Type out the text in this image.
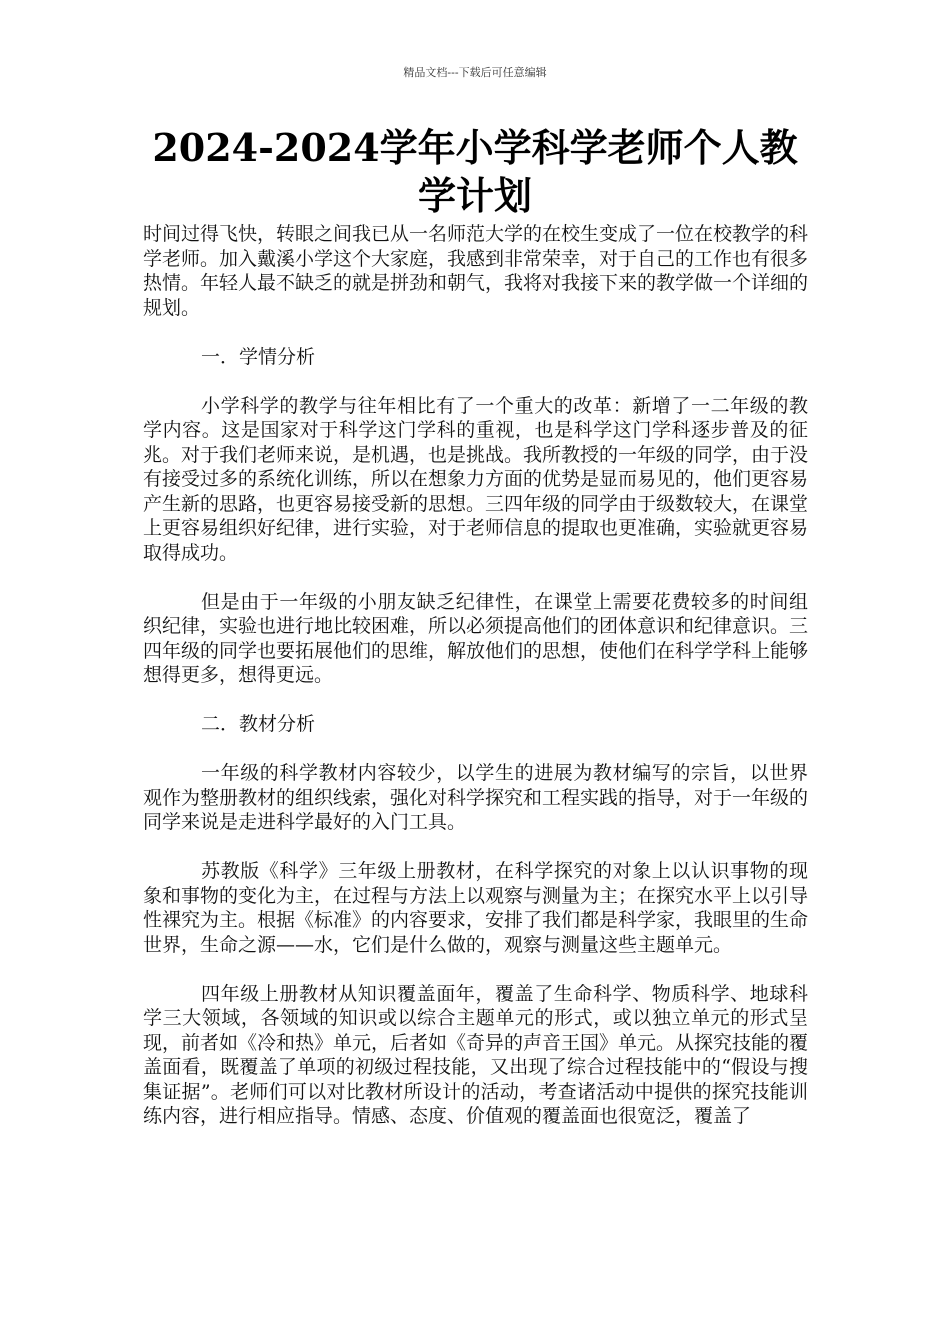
精品文档---下载后可任意编辑
2024-2024学年小学科学老师个人教学计划

时间过得飞快，转眼之间我已从一名师范大学的在校生变成了一位在校教学的科学老师。加入戴溪小学这个大家庭，我感到非常荣幸，对于自己的工作也有很多热情。年轻人最不缺乏的就是拼劲和朝气，我将对我接下来的教学做一个详细的规划。

一．学情分析

小学科学的教学与往年相比有了一个重大的改革：新增了一二年级的教学内容。这是国家对于科学这门学科的重视，也是科学这门学科逐步普及的征兆。对于我们老师来说，是机遇，也是挑战。我所教授的一年级的同学，由于没有接受过多的系统化训练，所以在想象力方面的优势是显而易见的，他们更容易产生新的思路，也更容易接受新的思想。三四年级的同学由于级数较大，在课堂上更容易组织好纪律，进行实验，对于老师信息的提取也更准确，实验就更容易取得成功。

但是由于一年级的小朋友缺乏纪律性，在课堂上需要花费较多的时间组织纪律，实验也进行地比较困难，所以必须提高他们的团体意识和纪律意识。三四年级的同学也要拓展他们的思维，解放他们的思想，使他们在科学学科上能够想得更多，想得更远。

二．教材分析

一年级的科学教材内容较少，以学生的进展为教材编写的宗旨，以世界观作为整册教材的组织线索，强化对科学探究和工程实践的指导，对于一年级的同学来说是走进科学最好的入门工具。

苏教版《科学》三年级上册教材，在科学探究的对象上以认识事物的现象和事物的变化为主，在过程与方法上以观察与测量为主；在探究水平上以引导性裸究为主。根据《标准》的内容要求，安排了我们都是科学家，我眼里的生命世界，生命之源——水，它们是什么做的，观察与测量这些主题单元。

四年级上册教材从知识覆盖面年，覆盖了生命科学、物质科学、地球科学三大领域，各领域的知识或以综合主题单元的形式，或以独立单元的形式呈现，前者如《冷和热》单元，后者如《奇异的声音王国》单元。从探究技能的覆盖面看，既覆盖了单项的初级过程技能，又出现了综合过程技能中的“假设与搜集证据”。老师们可以对比教材所设计的活动，考查诸活动中提供的探究技能训练内容，进行相应指导。情感、态度、价值观的覆盖面也很宽泛，覆盖了
